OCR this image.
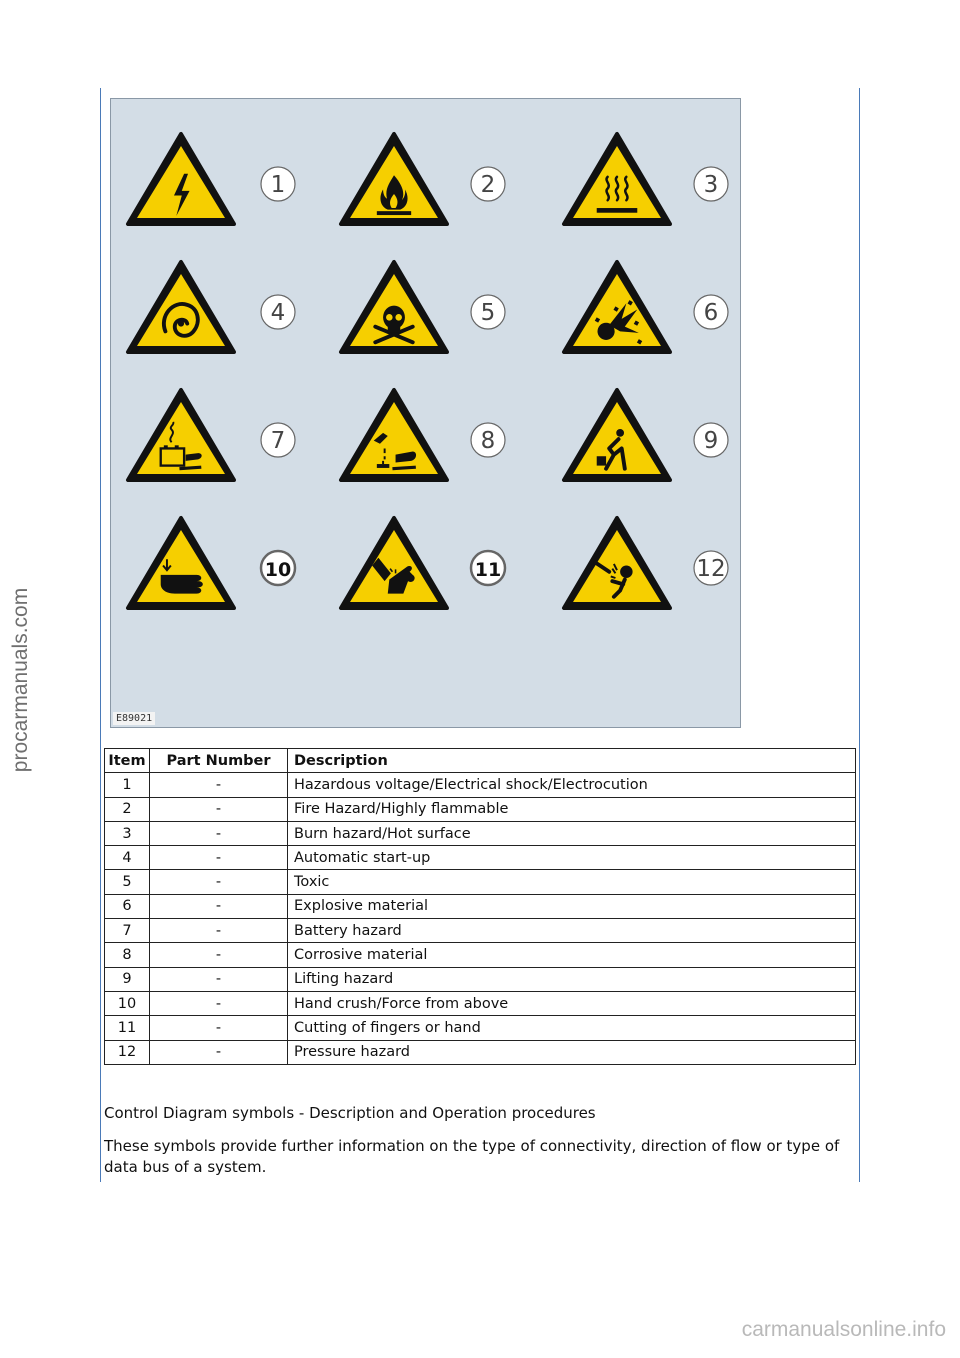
procarmanuals.com
carmanualsonline.info
1	2	3
4	5	6
7	8	9
10	11	12
E89021
Item	Part Number	Description
1	-	Hazardous voltage/Electrical shock/Electrocution
2	-	Fire Hazard/Highly flammable
3	-	Burn hazard/Hot surface
4	-	Automatic start-up
5	-	Toxic
6	-	Explosive material
7	-	Battery hazard
8	-	Corrosive material
9	-	Lifting hazard
10	-	Hand crush/Force from above
11	-	Cutting of fingers or hand
12	-	Pressure hazard
Control Diagram symbols - Description and Operation procedures
These symbols provide further information on the type of connectivity, direction of flow or type of data bus of a system.
